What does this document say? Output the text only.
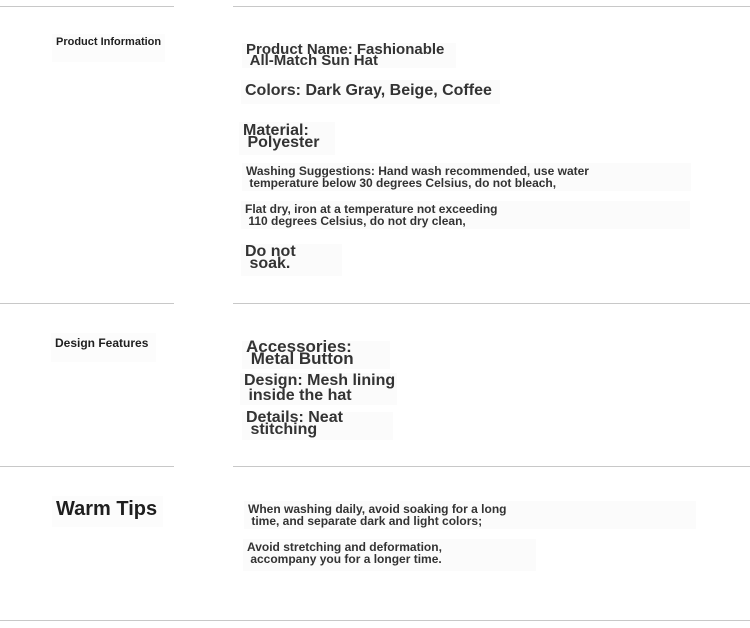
Product Information	Product Name: Fashionable
All-Match Sun Hat
Colors: Dark Gray, Beige, Coffee
Material:
Polyester
Washing Suggestions: Hand wash recommended, use water
temperature below 30 degrees Celsius, do not bleach,
Flat dry, iron at a temperature not exceeding
110 degrees Celsius, do not dry clean,
Do not
soak.
Design Features	Accessories:
Metal Button
Design: Mesh lining
inside the hat
Details: Neat
stitching
Warm Tips	When washing daily, avoid soaking for a long
time, and separate dark and light colors;
Avoid stretching and deformation,
accompany you for a longer time.
